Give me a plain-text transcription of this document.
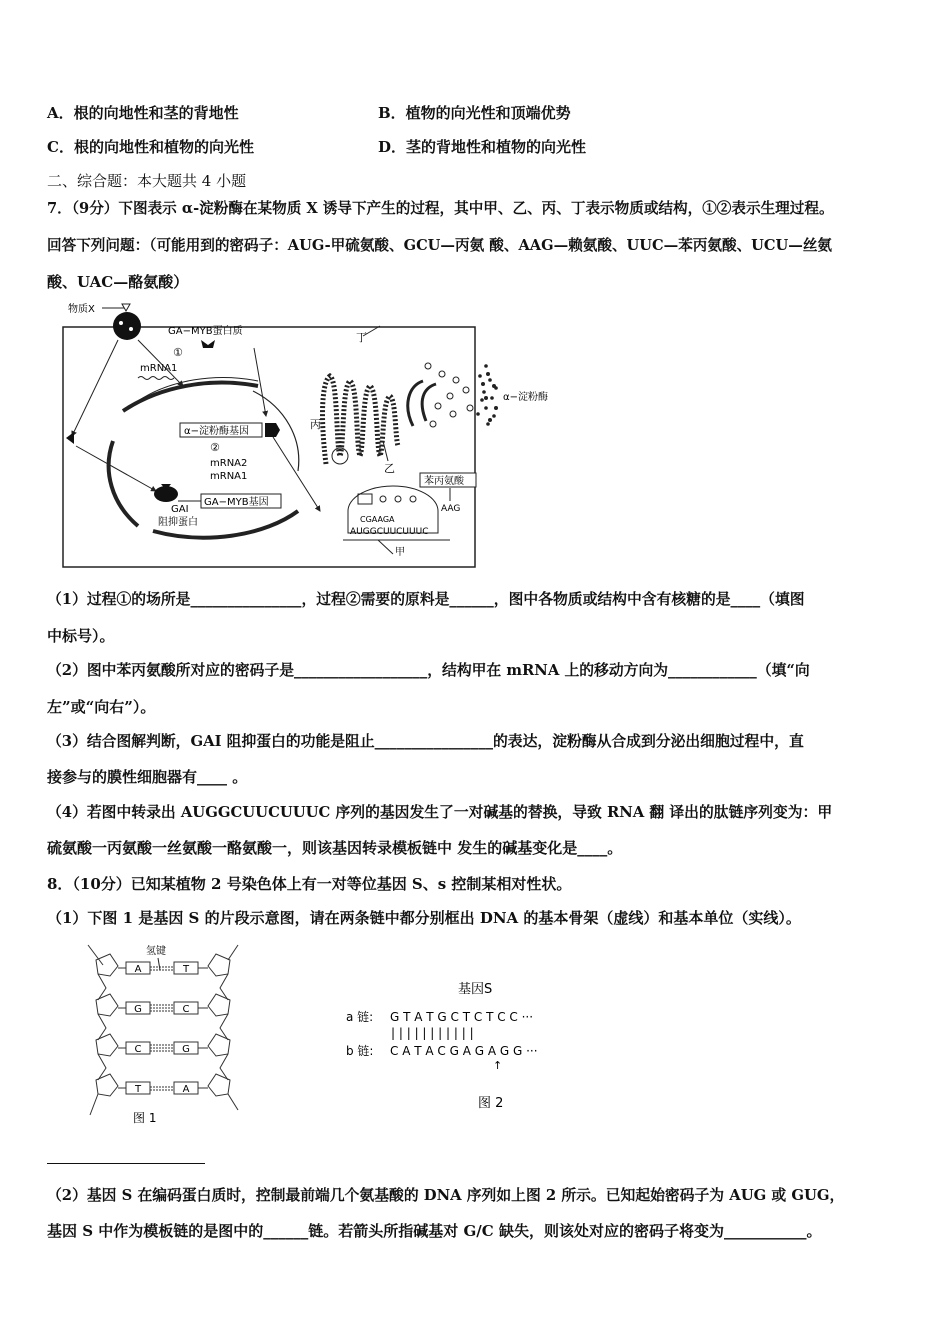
A．根的向地性和茎的背地性	B．植物的向光性和顶端优势
C．根的向地性和植物的向光性	D．茎的背地性和植物的向光性
二、综合题：本大题共 4 小题
7．（9分）下图表示 α-淀粉酶在某物质 X 诱导下产生的过程，其中甲、乙、丙、丁表示物质或结构，①②表示生理过程。
回答下列问题：（可能用到的密码子：AUG-甲硫氨酸、GCU—丙氨 酸、AAG—赖氨酸、UUC—苯丙氨酸、UCU—丝氨
酸、UAC—酪氨酸）
物质X
GA−MYB蛋白质
①
mRNA1
α−淀粉酶基因
②
mRNA2
mRNA1
GA−MYB基因
GAI
阻抑蛋白
丁
丙
乙
α−淀粉酶
CGAAGA
AUGGCUUCUUUC
甲
苯丙氨酸
AAG
（1）过程①的场所是_______________，过程②需要的原料是______，图中各物质或结构中含有核糖的是____（填图
中标号）。
（2）图中苯丙氨酸所对应的密码子是__________________，结构甲在 mRNA 上的移动方向为____________（填“向
左”或“向右”）。
（3）结合图解判断，GAI 阻抑蛋白的功能是阻止________________的表达，淀粉酶从合成到分泌出细胞过程中，直
接参与的膜性细胞器有____ 。
（4）若图中转录出 AUGGCUUCUUUC 序列的基因发生了一对碱基的替换，导致 RNA 翻 译出的肽链序列变为：甲
硫氨酸一丙氨酸一丝氨酸一酪氨酸一，则该基因转录模板链中 发生的碱基变化是____。
8．（10分）已知某植物 2 号染色体上有一对等位基因 S、s 控制某相对性状。
（1）下图 1 是基因 S 的片段示意图，请在两条链中都分别框出 DNA 的基本骨架（虚线）和基本单位（实线）。
氢键
A	T
G	C
C	G
T	A
图 1
基因S
a 链: G T A T G C T C T C C ···
| | | | | | | | | | |
b 链: C A T A C G A G A G G ···
↑
图 2
（2）基因 S 在编码蛋白质时，控制最前端几个氨基酸的 DNA 序列如上图 2 所示。已知起始密码子为 AUG 或 GUG，
基因 S 中作为模板链的是图中的______链。若箭头所指碱基对 G/C 缺失，则该处对应的密码子将变为___________。
